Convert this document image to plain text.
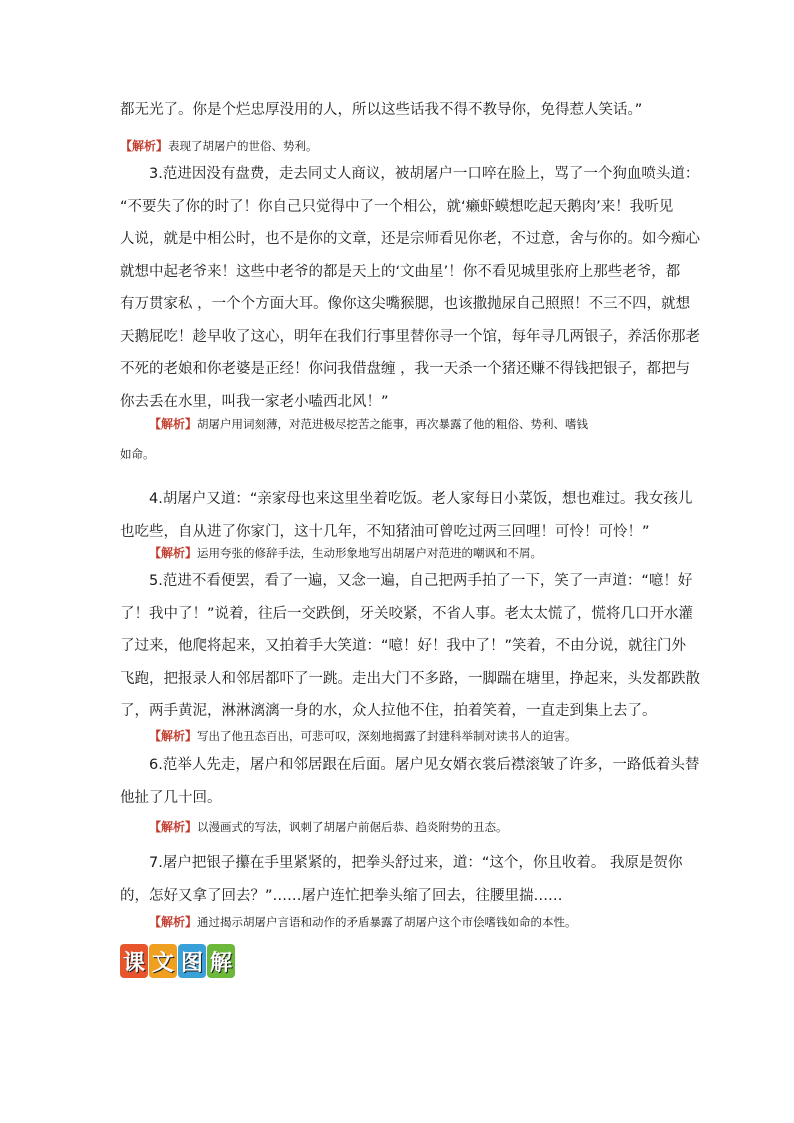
都无光了。你是个烂忠厚没用的人，所以这些话我不得不教导你，免得惹人笑话。”

【解析】表现了胡屠户的世俗、势利。

3.范进因没有盘费，走去同丈人商议，被胡屠户一口啐在脸上，骂了一个狗血喷头道：
“不要失了你的时了！你自己只觉得中了一个相公，就‘癞虾蟆想吃起天鹅肉’来！我听见
人说，就是中相公时，也不是你的文章，还是宗师看见你老，不过意，舍与你的。如今痴心
就想中起老爷来！这些中老爷的都是天上的‘文曲星’！你不看见城里张府上那些老爷，都
有万贯家私 ，一个个方面大耳。像你这尖嘴猴腮，也该撒抛尿自己照照！不三不四，就想
天鹅屁吃！趁早收了这心，明年在我们行事里替你寻一个馆，每年寻几两银子，养活你那老
不死的老娘和你老婆是正经！你问我借盘缠 ，我一天杀一个猪还赚不得钱把银子，都把与
你去丢在水里，叫我一家老小嗑西北风！”

【解析】胡屠户用词刻薄，对范进极尽挖苦之能事，再次暴露了他的粗俗、势利、嗜钱
如命。

4.胡屠户又道：“亲家母也来这里坐着吃饭。老人家每日小菜饭，想也难过。我女孩儿
也吃些，自从进了你家门，这十几年，不知猪油可曾吃过两三回哩！可怜！可怜！”

【解析】运用夸张的修辞手法，生动形象地写出胡屠户对范进的嘲讽和不屑。

5.范进不看便罢，看了一遍，又念一遍，自己把两手拍了一下，笑了一声道：“噫！好
了！我中了！”说着，往后一交跌倒，牙关咬紧，不省人事。老太太慌了，慌将几口开水灌
了过来，他爬将起来，又拍着手大笑道：“噫！好！我中了！”笑着，不由分说，就往门外
飞跑，把报录人和邻居都吓了一跳。走出大门不多路，一脚踹在塘里，挣起来，头发都跌散
了，两手黄泥，淋淋漓漓一身的水，众人拉他不住，拍着笑着，一直走到集上去了。

【解析】写出了他丑态百出，可悲可叹，深刻地揭露了封建科举制对读书人的迫害。

6.范举人先走，屠户和邻居跟在后面。屠户见女婿衣裳后襟滚皱了许多，一路低着头替
他扯了几十回。

【解析】以漫画式的写法，讽刺了胡屠户前倨后恭、趋炎附势的丑态。

7.屠户把银子攥在手里紧紧的，把拳头舒过来，道：“这个，你且收着。 我原是贺你
的，怎好又拿了回去？”……屠户连忙把拳头缩了回去，往腰里揣……

【解析】通过揭示胡屠户言语和动作的矛盾暴露了胡屠户这个市侩嗜钱如命的本性。

课 文 图 解
